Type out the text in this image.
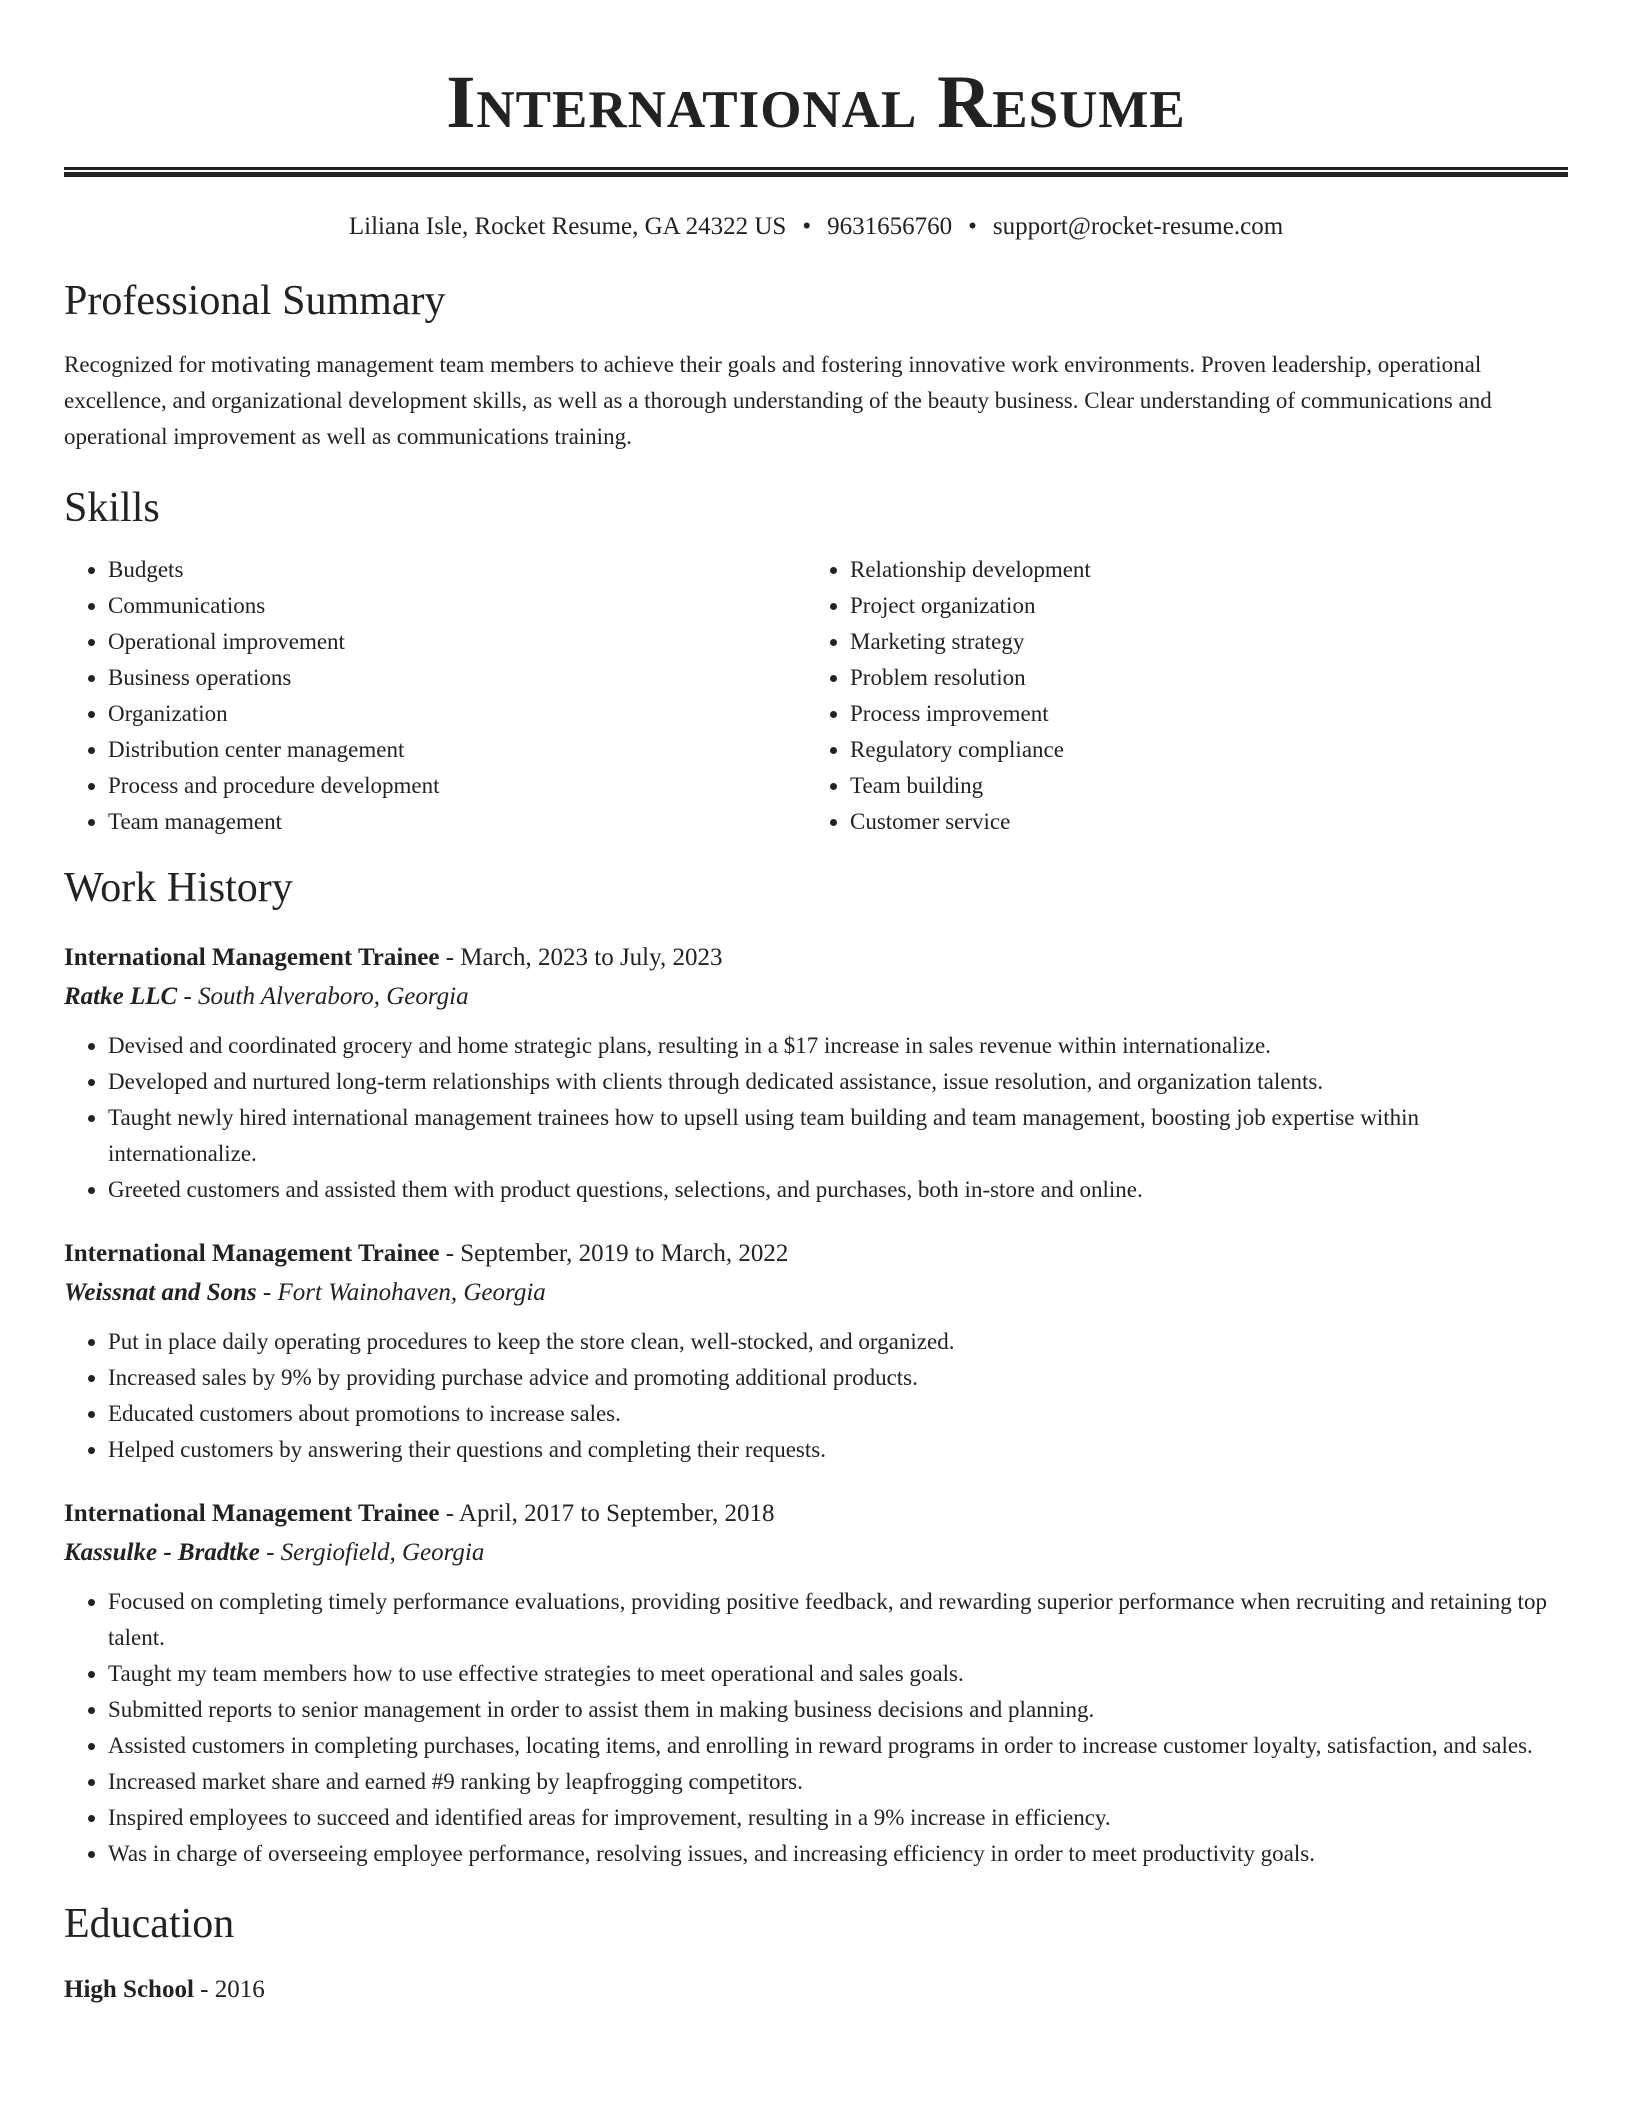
International Resume
Liliana Isle, Rocket Resume, GA 24322 US • 9631656760 • support@rocket-resume.com
Professional Summary

Recognized for motivating management team members to achieve their goals and fostering innovative work environments. Proven leadership, operational excellence, and organizational development skills, as well as a thorough understanding of the beauty business. Clear understanding of communications and operational improvement as well as communications training.

Skills
• Budgets
• Communications
• Operational improvement
• Business operations
• Organization
• Distribution center management
• Process and procedure development
• Team management
• Relationship development
• Project organization
• Marketing strategy
• Problem resolution
• Process improvement
• Regulatory compliance
• Team building
• Customer service
Work History
International Management Trainee - March, 2023 to July, 2023
Ratke LLC - South Alveraboro, Georgia
• Devised and coordinated grocery and home strategic plans, resulting in a $17 increase in sales revenue within internationalize.
• Developed and nurtured long-term relationships with clients through dedicated assistance, issue resolution, and organization talents.
• Taught newly hired international management trainees how to upsell using team building and team management, boosting job expertise within internationalize.
• Greeted customers and assisted them with product questions, selections, and purchases, both in-store and online.
International Management Trainee - September, 2019 to March, 2022
Weissnat and Sons - Fort Wainohaven, Georgia
• Put in place daily operating procedures to keep the store clean, well-stocked, and organized.
• Increased sales by 9% by providing purchase advice and promoting additional products.
• Educated customers about promotions to increase sales.
• Helped customers by answering their questions and completing their requests.
International Management Trainee - April, 2017 to September, 2018
Kassulke - Bradtke - Sergiofield, Georgia
• Focused on completing timely performance evaluations, providing positive feedback, and rewarding superior performance when recruiting and retaining top talent.
• Taught my team members how to use effective strategies to meet operational and sales goals.
• Submitted reports to senior management in order to assist them in making business decisions and planning.
• Assisted customers in completing purchases, locating items, and enrolling in reward programs in order to increase customer loyalty, satisfaction, and sales.
• Increased market share and earned #9 ranking by leapfrogging competitors.
• Inspired employees to succeed and identified areas for improvement, resulting in a 9% increase in efficiency.
• Was in charge of overseeing employee performance, resolving issues, and increasing efficiency in order to meet productivity goals.
Education
High School - 2016
